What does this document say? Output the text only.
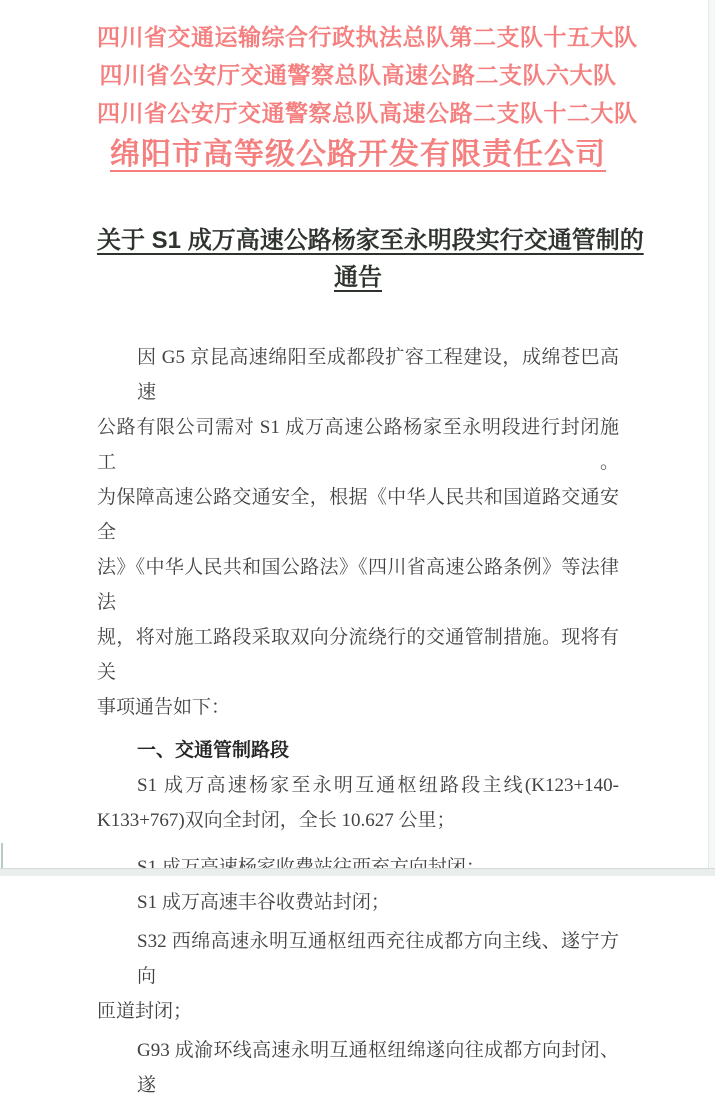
四川省交通运输综合行政执法总队第二支队十五大队
四川省公安厅交通警察总队高速公路二支队六大队
四川省公安厅交通警察总队高速公路二支队十二大队
绵阳市高等级公路开发有限责任公司
关于 S1 成万高速公路杨家至永明段实行交通管制的
通告
因 G5 京昆高速绵阳至成都段扩容工程建设，成绵苍巴高速
公路有限公司需对 S1 成万高速公路杨家至永明段进行封闭施工。
为保障高速公路交通安全，根据《中华人民共和国道路交通安全
法》《中华人民共和国公路法》《四川省高速公路条例》等法律法
规，将对施工路段采取双向分流绕行的交通管制措施。现将有关
事项通告如下：
一、交通管制路段
S1 成万高速杨家至永明互通枢纽路段主线(K123+140-
K133+767)双向全封闭，全长 10.627 公里；
S1 成万高速丰谷收费站封闭；
S32 西绵高速永明互通枢纽西充往成都方向主线、遂宁方向
匝道封闭；
G93 成渝环线高速永明互通枢纽绵遂向往成都方向封闭、遂
